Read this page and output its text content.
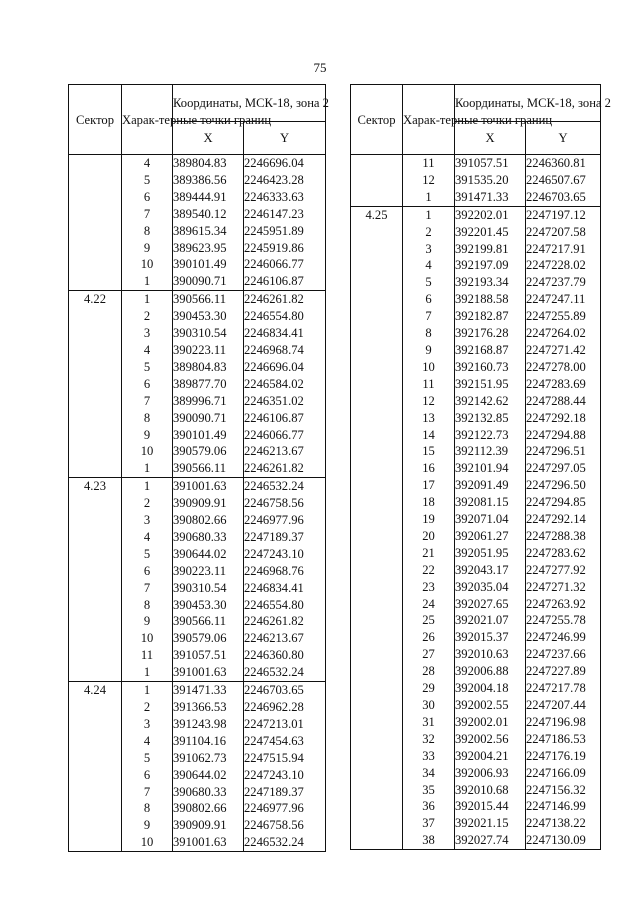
75
Сектор	Харак-терные точки границ	Координаты, МСК-18, зона 2	
		X	Y
	4	389804.83	2246696.04
	5	389386.56	2246423.28
	6	389444.91	2246333.63
	7	389540.12	2246147.23
	8	389615.34	2245951.89
	9	389623.95	2245919.86
	10	390101.49	2246066.77
	1	390090.71	2246106.87
4.22	1	390566.11	2246261.82
	2	390453.30	2246554.80
	3	390310.54	2246834.41
	4	390223.11	2246968.74
	5	389804.83	2246696.04
	6	389877.70	2246584.02
	7	389996.71	2246351.02
	8	390090.71	2246106.87
	9	390101.49	2246066.77
	10	390579.06	2246213.67
	1	390566.11	2246261.82
4.23	1	391001.63	2246532.24
	2	390909.91	2246758.56
	3	390802.66	2246977.96
	4	390680.33	2247189.37
	5	390644.02	2247243.10
	6	390223.11	2246968.76
	7	390310.54	2246834.41
	8	390453.30	2246554.80
	9	390566.11	2246261.82
	10	390579.06	2246213.67
	11	391057.51	2246360.80
	1	391001.63	2246532.24
4.24	1	391471.33	2246703.65
	2	391366.53	2246962.28
	3	391243.98	2247213.01
	4	391104.16	2247454.63
	5	391062.73	2247515.94
	6	390644.02	2247243.10
	7	390680.33	2247189.37
	8	390802.66	2246977.96
	9	390909.91	2246758.56
	10	391001.63	2246532.24
Сектор	Харак-терные точки границ	Координаты, МСК-18, зона 2	
		X	Y
	11	391057.51	2246360.81
	12	391535.20	2246507.67
	1	391471.33	2246703.65
4.25	1	392202.01	2247197.12
	2	392201.45	2247207.58
	3	392199.81	2247217.91
	4	392197.09	2247228.02
	5	392193.34	2247237.79
	6	392188.58	2247247.11
	7	392182.87	2247255.89
	8	392176.28	2247264.02
	9	392168.87	2247271.42
	10	392160.73	2247278.00
	11	392151.95	2247283.69
	12	392142.62	2247288.44
	13	392132.85	2247292.18
	14	392122.73	2247294.88
	15	392112.39	2247296.51
	16	392101.94	2247297.05
	17	392091.49	2247296.50
	18	392081.15	2247294.85
	19	392071.04	2247292.14
	20	392061.27	2247288.38
	21	392051.95	2247283.62
	22	392043.17	2247277.92
	23	392035.04	2247271.32
	24	392027.65	2247263.92
	25	392021.07	2247255.78
	26	392015.37	2247246.99
	27	392010.63	2247237.66
	28	392006.88	2247227.89
	29	392004.18	2247217.78
	30	392002.55	2247207.44
	31	392002.01	2247196.98
	32	392002.56	2247186.53
	33	392004.21	2247176.19
	34	392006.93	2247166.09
	35	392010.68	2247156.32
	36	392015.44	2247146.99
	37	392021.15	2247138.22
	38	392027.74	2247130.09
